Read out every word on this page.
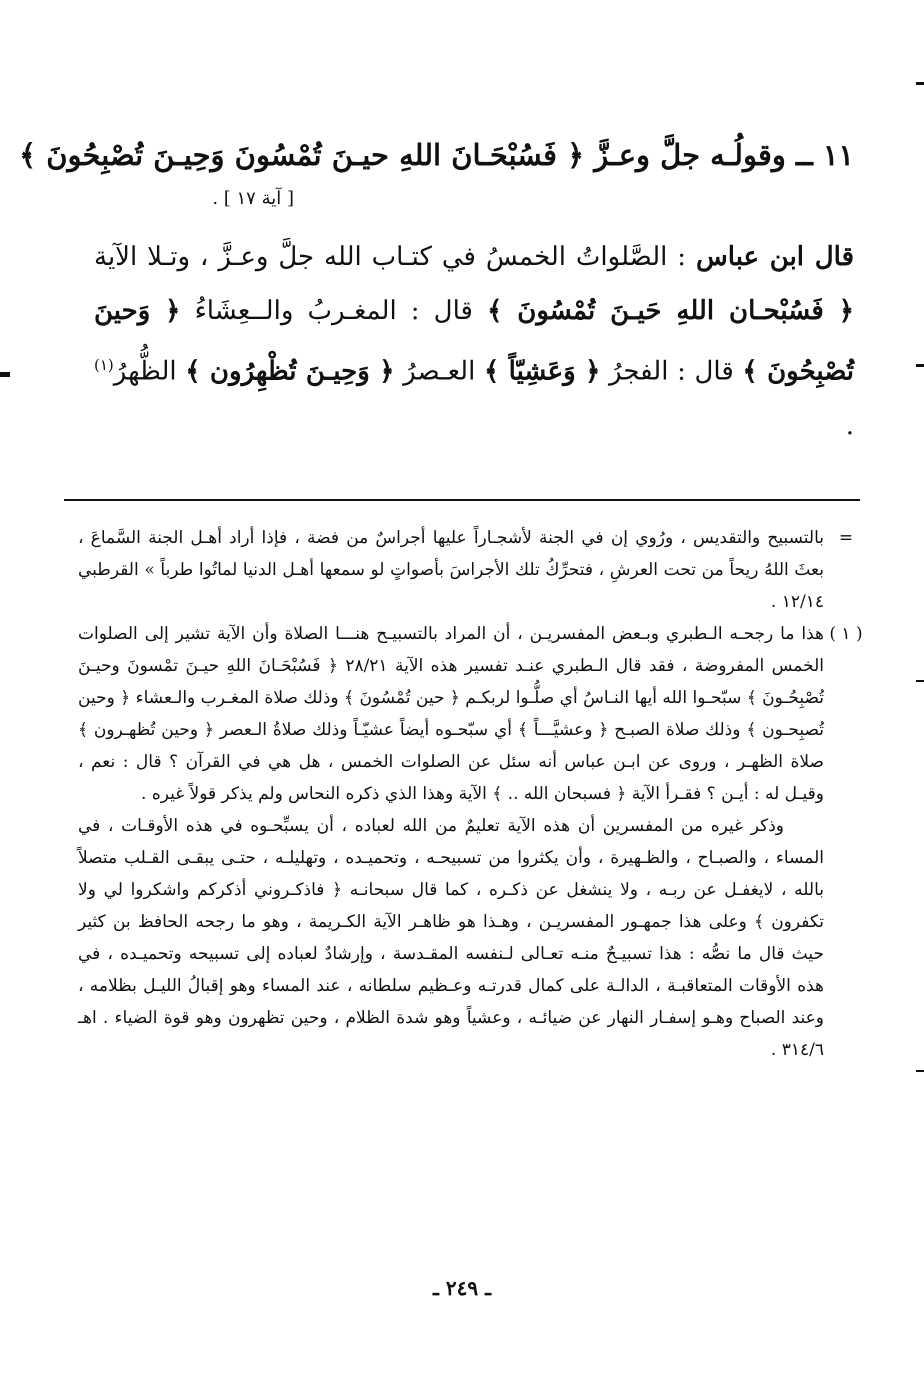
١١
ــ
وقولُـه جلَّ وعـزَّ ﴿ فَسُبْحَـانَ اللهِ حيـنَ تُمْسُونَ وَحِيـنَ تُصْبِحُونَ ﴾
[ آية ١٧ ] .
قال ابن عباس : الصَّلواتُ الخمسُ في كتـاب الله جلَّ وعـزَّ ، وتـلا الآية ﴿ فَسُبْحـان اللهِ حَيـنَ تُمْسُونَ ﴾ قال : المغـربُ والــعِشَاءُ ﴿ وَحينَ تُصْبِحُونَ ﴾ قال : الفجرُ ﴿ وَعَشِيّاً ﴾ العـصرُ ﴿ وَحِيـنَ تُظْهِرُون ﴾ الظُّهرُ$^{(١)}$ .
=
بالتسبيح والتقديس ، ورُوي إن في الجنة لأشجـاراً عليها أجراسٌ من فضة ، فإذا أراد أهـل الجنة السَّماعَ ، بعثَ اللهُ ريحاً من تحت العرشِ ، فتحرِّكُ تلك الأجراسَ بأصواتٍ لو سمعها أهـل الدنيا لماتُوا طرباً » القرطبي ١٢/١٤ .
( ١ )
هذا ما رجحـه الـطبري وبـعض المفسريـن ، أن المراد بالتسبيـح هنـــا الصلاة وأن الآية تشير إلى الصلوات الخمس المفروضة ، فقد قال الـطبري عنـد تفسير هذه الآية ٢٨/٢١ ﴿ فَسُبْحَـانَ اللهِ حيـنَ تمْسونَ وحيـنَ تُصْبِحُـونَ ﴾ سبّحـوا الله أيها النـاسُ أي صلُّـوا لربكـم ﴿ حين تُمْسُونَ ﴾ وذلك صلاة المغـرب والـعشاء ﴿ وحين تُصبِحـون ﴾ وذلك صلاة الصبـح ﴿ وعشيَّـــاً ﴾ أي سبّحـوه أيضاً عشيّـاً وذلك صلاةُ الـعصر ﴿ وحين تُظهـرون ﴾ صلاة الظهـر ، وروى عن ابـن عباس أنه سئل عن الصلوات الخمس ، هل هي في القرآن ؟ قال : نعم ، وقيـل له : أيـن ؟ فقـرأ الآية ﴿ فسبحان الله .. ﴾ الآية وهذا الذي ذكره النحاس ولم يذكر قولاً غيره .
وذكر غيره من المفسرين أن هذه الآية تعليمٌ من الله لعباده ، أن يسبِّحـوه في هذه الأوقـات ، في المساء ، والصبـاح ، والظـهيرة ، وأن يكثروا من تسبيحـه ، وتحميـده ، وتهليلـه ، حتـى يبقـى القـلب متصلاً بالله ، لايغفـل عن ربـه ، ولا ينشغل عن ذكـره ، كما قال سبحانـه ﴿ فاذكـروني أذكركم واشكروا لي ولا تكفرون ﴾ وعلى هذا جمهـور المفسريـن ، وهـذا هو ظاهـر الآية الكـريمة ، وهو ما رجحه الحافظ بن كثير حيث قال ما نصُّه : هذا تسبيـحٌ منـه تعـالى لـنفسه المقـدسة ، وإرشادٌ لعباده إلى تسبيحه وتحميـده ، في هذه الأوقات المتعاقبـة ، الدالـة على كمال قدرتـه وعـظيم سلطانه ، عند المساء وهو إقبالُ الليـل بظلامه ، وعند الصباح وهـو إسفـار النهار عن ضيائـه ، وعشياً وهو شدة الظلام ، وحين تظهرون وهو قوة الضياء . اهـ ٣١٤/٦ .
ـ ٢٤٩ ـ
